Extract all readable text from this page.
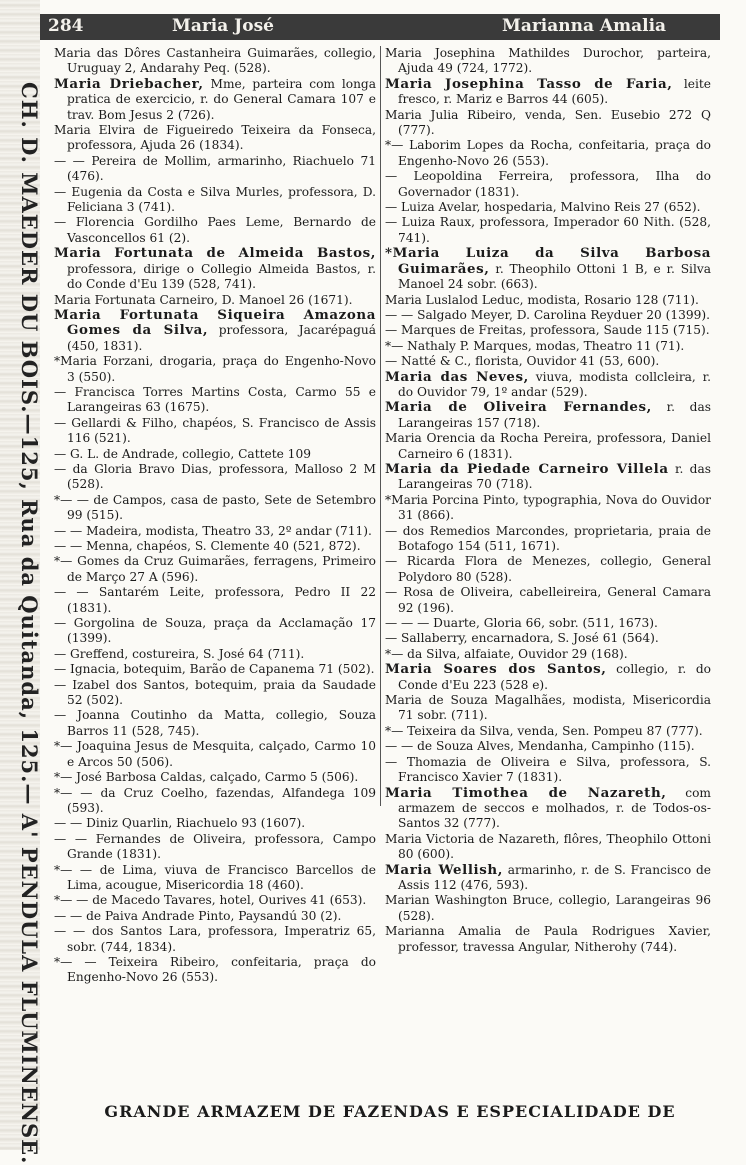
284	Maria José	Marianna Amalia
CH. D. MAEDER DU BOIS.—125, Rua da Quitanda, 125.— A' PENDULA FLUMINENSE.

Maria das Dôres Castanheira Guimarães, collegio, Uruguay 2, Andarahy Peq. (528).

Maria Driebacher, Mme, parteira com longa pratica de exercicio, r. do General Camara 107 e trav. Bom Jesus 2 (726).

Maria Elvira de Figueiredo Teixeira da Fonseca, professora, Ajuda 26 (1834).

— — Pereira de Mollim, armarinho, Riachuelo 71 (476).

— Eugenia da Costa e Silva Murles, professora, D. Feliciana 3 (741).

— Florencia Gordilho Paes Leme, Bernardo de Vasconcellos 61 (2).

Maria Fortunata de Almeida Bastos, professora, dirige o Collegio Almeida Bastos, r. do Conde d'Eu 139 (528, 741).

Maria Fortunata Carneiro, D. Manoel 26 (1671).

Maria Fortunata Siqueira Amazona Gomes da Silva, professora, Jacarépaguá (450, 1831).

*Maria Forzani, drogaria, praça do Engenho-Novo 3 (550).

— Francisca Torres Martins Costa, Carmo 55 e Larangeiras 63 (1675).

— Gellardi & Filho, chapéos, S. Francisco de Assis 116 (521).

— G. L. de Andrade, collegio, Cattete 109

— da Gloria Bravo Dias, professora, Malloso 2 M (528).

*— — de Campos, casa de pasto, Sete de Setembro 99 (515).

— — Madeira, modista, Theatro 33, 2º andar (711).

— — Menna, chapéos, S. Clemente 40 (521, 872).

*— Gomes da Cruz Guimarães, ferragens, Primeiro de Março 27 A (596).

— — Santarém Leite, professora, Pedro II 22 (1831).

— Gorgolina de Souza, praça da Acclamação 17 (1399).

— Greffend, costureira, S. José 64 (711).

— Ignacia, botequim, Barão de Capanema 71 (502).

— Izabel dos Santos, botequim, praia da Saudade 52 (502).

— Joanna Coutinho da Matta, collegio, Souza Barros 11 (528, 745).

*— Joaquina Jesus de Mesquita, calçado, Carmo 10 e Arcos 50 (506).

*— José Barbosa Caldas, calçado, Carmo 5 (506).

*— — da Cruz Coelho, fazendas, Alfandega 109 (593).

— — Diniz Quarlin, Riachuelo 93 (1607).

— — Fernandes de Oliveira, professora, Campo Grande (1831).

*— — de Lima, viuva de Francisco Barcellos de Lima, acougue, Misericordia 18 (460).

*— — de Macedo Tavares, hotel, Ourives 41 (653).

— — de Paiva Andrade Pinto, Paysandú 30 (2).

— — dos Santos Lara, professora, Imperatriz 65, sobr. (744, 1834).

*— — Teixeira Ribeiro, confeitaria, praça do Engenho-Novo 26 (553).

Maria Josephina Mathildes Durochor, parteira, Ajuda 49 (724, 1772).

Maria Josephina Tasso de Faria, leite fresco, r. Mariz e Barros 44 (605).

Maria Julia Ribeiro, venda, Sen. Eusebio 272 Q (777).

*— Laborim Lopes da Rocha, confeitaria, praça do Engenho-Novo 26 (553).

— Leopoldina Ferreira, professora, Ilha do Governador (1831).

— Luiza Avelar, hospedaria, Malvino Reis 27 (652).

— Luiza Raux, professora, Imperador 60 Nith. (528, 741).

*Maria Luiza da Silva Barbosa Guimarães, r. Theophilo Ottoni 1 B, e r. Silva Manoel 24 sobr. (663).

Maria Luslalod Leduc, modista, Rosario 128 (711).

— — Salgado Meyer, D. Carolina Reyduer 20 (1399).

— Marques de Freitas, professora, Saude 115 (715).

*— Nathaly P. Marques, modas, Theatro 11 (71).

— Natté & C., florista, Ouvidor 41 (53, 600).

Maria das Neves, viuva, modista collcleira, r. do Ouvidor 79, 1º andar (529).

Maria de Oliveira Fernandes, r. das Larangeiras 157 (718).

Maria Orencia da Rocha Pereira, professora, Daniel Carneiro 6 (1831).

Maria da Piedade Carneiro Villela r. das Larangeiras 70 (718).

*Maria Porcina Pinto, typographia, Nova do Ouvidor 31 (866).

— dos Remedios Marcondes, proprietaria, praia de Botafogo 154 (511, 1671).

— Ricarda Flora de Menezes, collegio, General Polydoro 80 (528).

— Rosa de Oliveira, cabelleireira, General Camara 92 (196).

— — — Duarte, Gloria 66, sobr. (511, 1673).

— Sallaberry, encarnadora, S. José 61 (564).

*— da Silva, alfaiate, Ouvidor 29 (168).

Maria Soares dos Santos, collegio, r. do Conde d'Eu 223 (528 e).

Maria de Souza Magalhães, modista, Misericordia 71 sobr. (711).

*— Teixeira da Silva, venda, Sen. Pompeu 87 (777).

— — de Souza Alves, Mendanha, Campinho (115).

— Thomazia de Oliveira e Silva, professora, S. Francisco Xavier 7 (1831).

Maria Timothea de Nazareth, com armazem de seccos e molhados, r. de Todos-os-Santos 32 (777).

Maria Victoria de Nazareth, flôres, Theophilo Ottoni 80 (600).

Maria Wellish, armarinho, r. de S. Francisco de Assis 112 (476, 593).

Marian Washington Bruce, collegio, Larangeiras 96 (528).

Marianna Amalia de Paula Rodrigues Xavier, professor, travessa Angular, Nitherohy (744).

GRANDE ARMAZEM DE FAZENDAS E ESPECIALIDADE DE
